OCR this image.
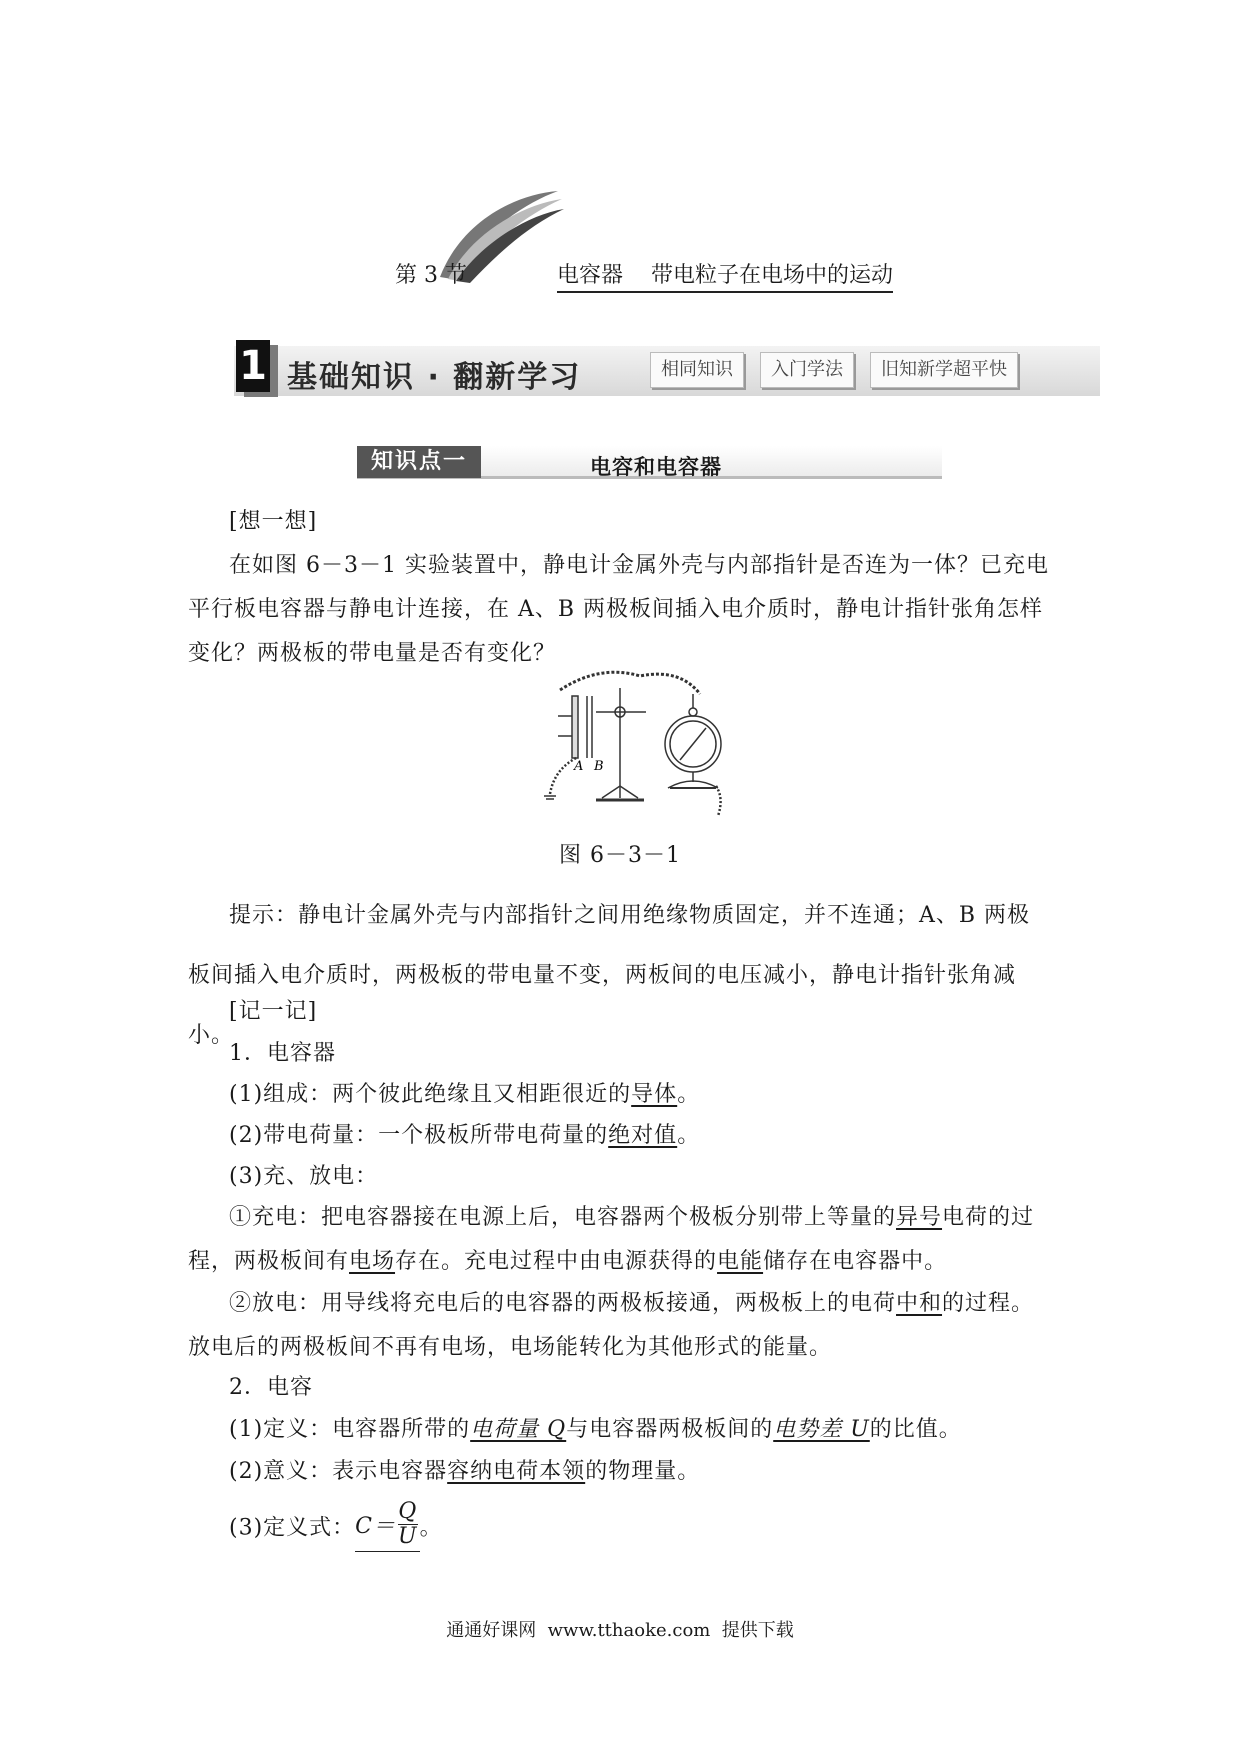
第 3 节	电容器    带电粒子在电场中的运动
1 基础知识 · 翻新学习	相同知识	入门学法	旧知新学超平快
知识点一	电容和电容器
[想一想]
在如图 6－3－1 实验装置中，静电计金属外壳与内部指针是否连为一体？已充电平行板电容器与静电计连接，在 A、B 两极板间插入电介质时，静电计指针张角怎样变化？两极板的带电量是否有变化？
A B
图 6－3－1
提示：静电计金属外壳与内部指针之间用绝缘物质固定，并不连通；A、B 两极板间插入电介质时，两极板的带电量不变，两板间的电压减小，静电计指针张角减小。
[记一记]
1．电容器
(1)组成：两个彼此绝缘且又相距很近的导体。
(2)带电荷量：一个极板所带电荷量的绝对值。
(3)充、放电：
①充电：把电容器接在电源上后，电容器两个极板分别带上等量的异号电荷的过程，两极板间有电场存在。充电过程中由电源获得的电能储存在电容器中。
②放电：用导线将充电后的电容器的两极板接通，两极板上的电荷中和的过程。放电后的两极板间不再有电场，电场能转化为其他形式的能量。
2．电容
(1)定义：电容器所带的电荷量 Q与电容器两极板间的电势差 U的比值。
(2)意义：表示电容器容纳电荷本领的物理量。
(3)定义式：$C= \frac{Q}{U}$ 。
通通好课网  www.tthaoke.com  提供下载
